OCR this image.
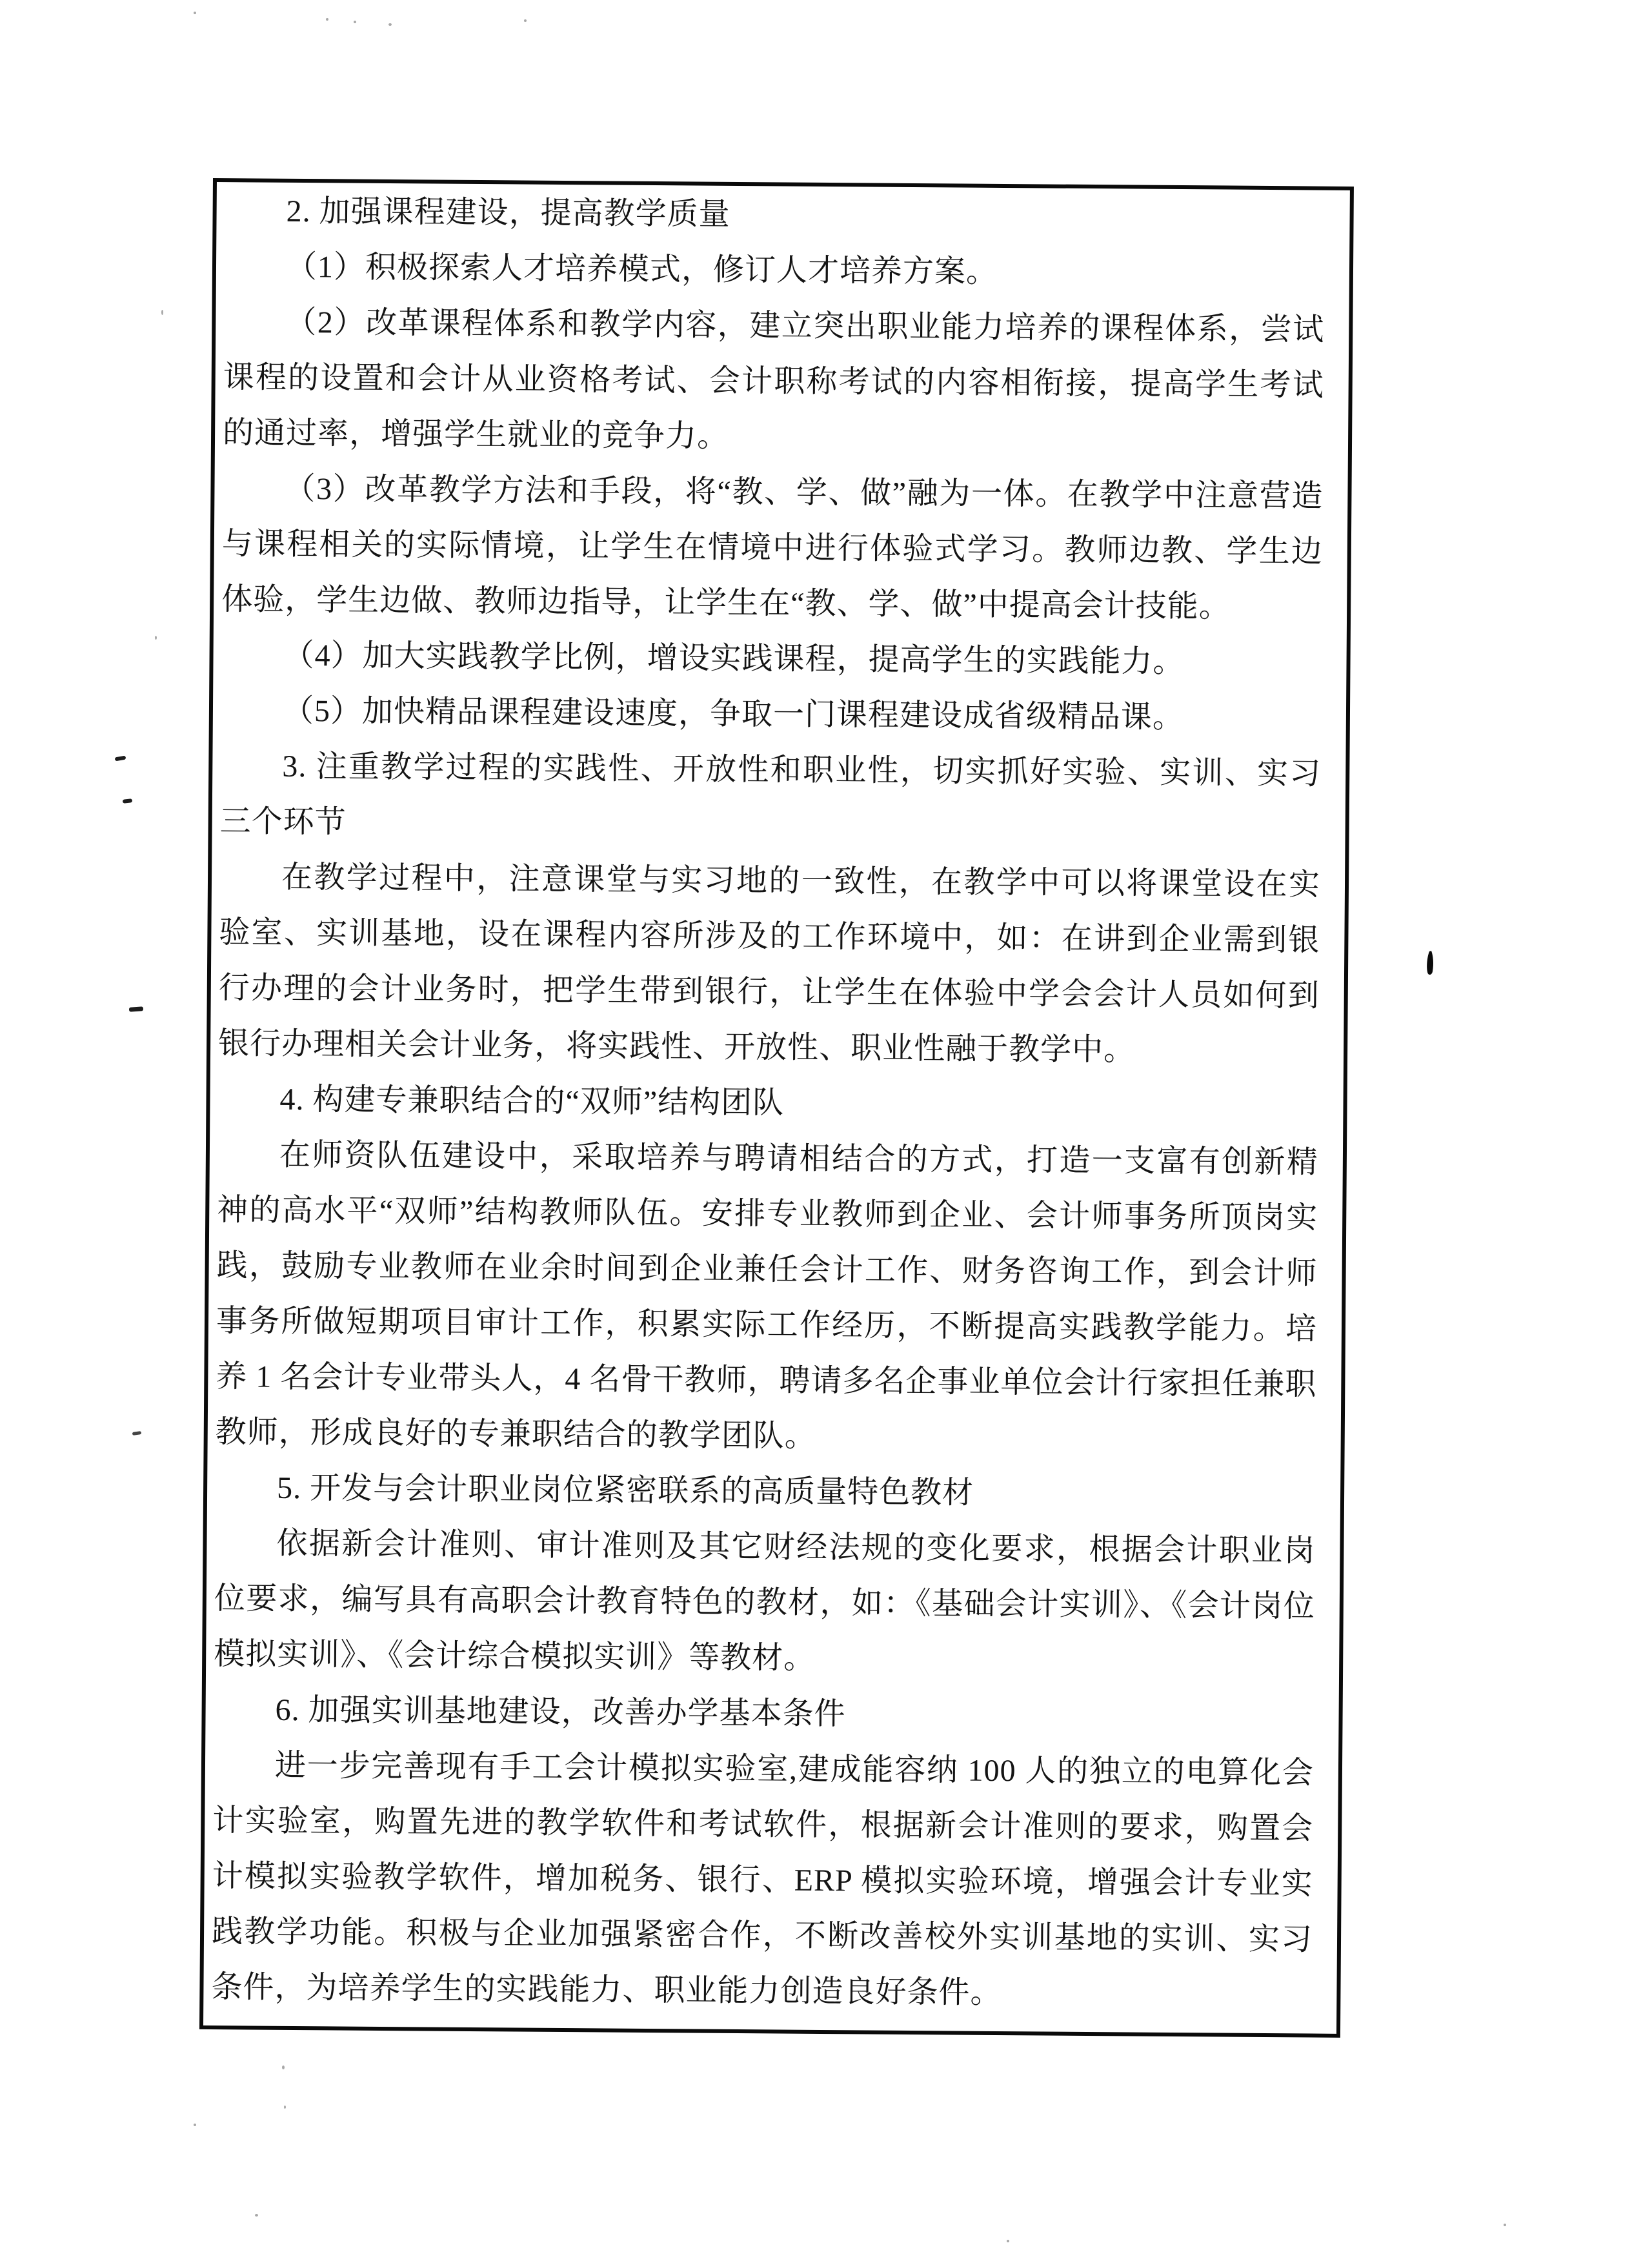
2. 加强课程建设，提高教学质量

（1）积极探索人才培养模式，修订人才培养方案。

（2）改革课程体系和教学内容，建立突出职业能力培养的课程体系，尝试课程的设置和会计从业资格考试、会计职称考试的内容相衔接，提高学生考试的通过率，增强学生就业的竞争力。

（3）改革教学方法和手段，将“教、学、做”融为一体。在教学中注意营造与课程相关的实际情境，让学生在情境中进行体验式学习。教师边教、学生边体验，学生边做、教师边指导，让学生在“教、学、做”中提高会计技能。

（4）加大实践教学比例，增设实践课程，提高学生的实践能力。

（5）加快精品课程建设速度，争取一门课程建设成省级精品课。

3. 注重教学过程的实践性、开放性和职业性，切实抓好实验、实训、实习三个环节

在教学过程中，注意课堂与实习地的一致性，在教学中可以将课堂设在实验室、实训基地，设在课程内容所涉及的工作环境中，如：在讲到企业需到银行办理的会计业务时，把学生带到银行，让学生在体验中学会会计人员如何到银行办理相关会计业务，将实践性、开放性、职业性融于教学中。

4. 构建专兼职结合的“双师”结构团队

在师资队伍建设中，采取培养与聘请相结合的方式，打造一支富有创新精神的高水平“双师”结构教师队伍。安排专业教师到企业、会计师事务所顶岗实践，鼓励专业教师在业余时间到企业兼任会计工作、财务咨询工作，到会计师事务所做短期项目审计工作，积累实际工作经历，不断提高实践教学能力。培养 1 名会计专业带头人，4 名骨干教师，聘请多名企事业单位会计行家担任兼职教师，形成良好的专兼职结合的教学团队。

5. 开发与会计职业岗位紧密联系的高质量特色教材

依据新会计准则、审计准则及其它财经法规的变化要求，根据会计职业岗位要求，编写具有高职会计教育特色的教材，如：《基础会计实训》、《会计岗位模拟实训》、《会计综合模拟实训》等教材。

6. 加强实训基地建设，改善办学基本条件

进一步完善现有手工会计模拟实验室,建成能容纳 100 人的独立的电算化会计实验室，购置先进的教学软件和考试软件，根据新会计准则的要求，购置会计模拟实验教学软件，增加税务、银行、ERP 模拟实验环境，增强会计专业实践教学功能。积极与企业加强紧密合作，不断改善校外实训基地的实训、实习条件，为培养学生的实践能力、职业能力创造良好条件。
